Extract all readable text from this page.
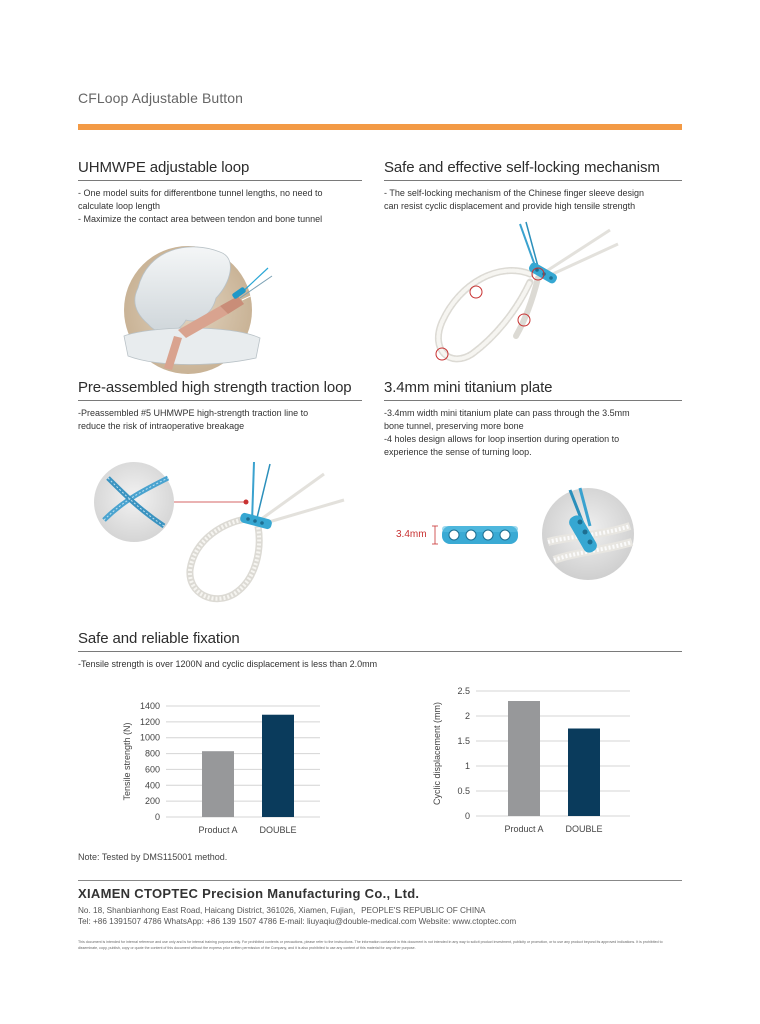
CFLoop Adjustable Button
UHMWPE adjustable loop
- One model suits for differentbone tunnel lengths, no need to
calculate loop length
- Maximize the contact area between tendon and bone tunnel
Safe and effective self-locking mechanism
- The self-locking mechanism of the Chinese finger sleeve design
can resist cyclic displacement and provide high tensile strength
Pre-assembled high strength traction loop
-Preassembled #5 UHMWPE high-strength traction line to
reduce the risk of intraoperative breakage
3.4mm mini titanium plate
-3.4mm width mini titanium plate can pass through the 3.5mm
bone tunnel, preserving more bone
-4 holes design allows for loop insertion during operation to
experience the sense of turning loop.
3.4mm
Safe and reliable fixation
-Tensile strength is over 1200N and cyclic displacement is less than 2.0mm
0
200
400
600
800
1000
1200
1400
Product A DOUBLE
Tensile strength (N)
0
0.5
1
1.5
2
2.5
Product A DOUBLE
Cyclic displacement (mm)
Note: Tested by DMS115001 method.
XIAMEN CTOPTEC Precision Manufacturing Co., Ltd.
No. 18, Shanbianhong East Road, Haicang District, 361026, Xiamen, Fujian，PEOPLE'S REPUBLIC OF CHINA
Tel: +86 1391507 4786 WhatsApp: +86 139 1507 4786 E-mail: liuyaqiu@double-medical.com Website: www.ctoptec.com
This document is intended for internal reference and use only and is for internal training purposes only. For prohibited contents or precautions, please refer to the instructions. The information contained in this document is not intended in any way to solicit product investment, publicity or promotion, or to use any product beyond its approved indications. It is prohibited to disseminate, copy, publish, copy or quote the content of this document without the express prior written permission of the Company, and it is also prohibited to use any content of this material for any other purpose.
